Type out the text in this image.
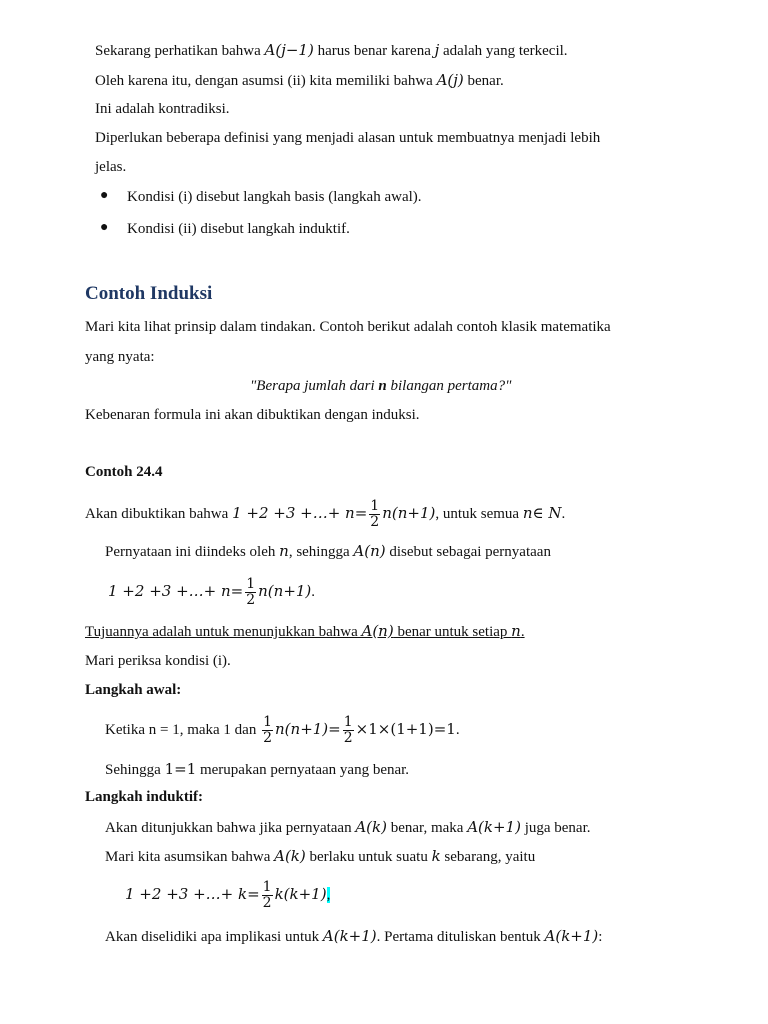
Sekarang perhatikan bahwa A(j−1) harus benar karena j adalah yang terkecil.
Oleh karena itu, dengan asumsi (ii) kita memiliki bahwa A(j) benar.
Ini adalah kontradiksi.
Diperlukan beberapa definisi yang menjadi alasan untuk membuatnya menjadi lebih
jelas.
● Kondisi (i) disebut langkah basis (langkah awal).
● Kondisi (ii) disebut langkah induktif.
Contoh Induksi
Mari kita lihat prinsip dalam tindakan. Contoh berikut adalah contoh klasik matematika
yang nyata:
"Berapa jumlah dari n bilangan pertama?"
Kebenaran formula ini akan dibuktikan dengan induksi.
Contoh 24.4
Akan dibuktikan bahwa 1 +2 +3 +…+ $n= \frac{1}{2} n(n+1)$, untuk semua n∈ N.
Pernyataan ini diindeks oleh n, sehingga A(n) disebut sebagai pernyataan
1 +2 +3 +…+ $n= \frac{1}{2} n(n+1)$.
Tujuannya adalah untuk menunjukkan bahwa A(n) benar untuk setiap n.
Mari periksa kondisi (i).
Langkah awal:
Ketika n = 1, maka 1 dan $\frac{1}{2} n(n+1)= \frac{1}{2} \times 1\times(1+1)=1$.
Sehingga 1=1 merupakan pernyataan yang benar.
Langkah induktif:
Akan ditunjukkan bahwa jika pernyataan A(k) benar, maka A(k+1) juga benar.
Mari kita asumsikan bahwa A(k) berlaku untuk suatu k sebarang, yaitu
1 +2 +3 +…+ $k= \frac{1}{2} k(k+1)$,
Akan diselidiki apa implikasi untuk A(k+1). Pertama dituliskan bentuk A(k+1):
